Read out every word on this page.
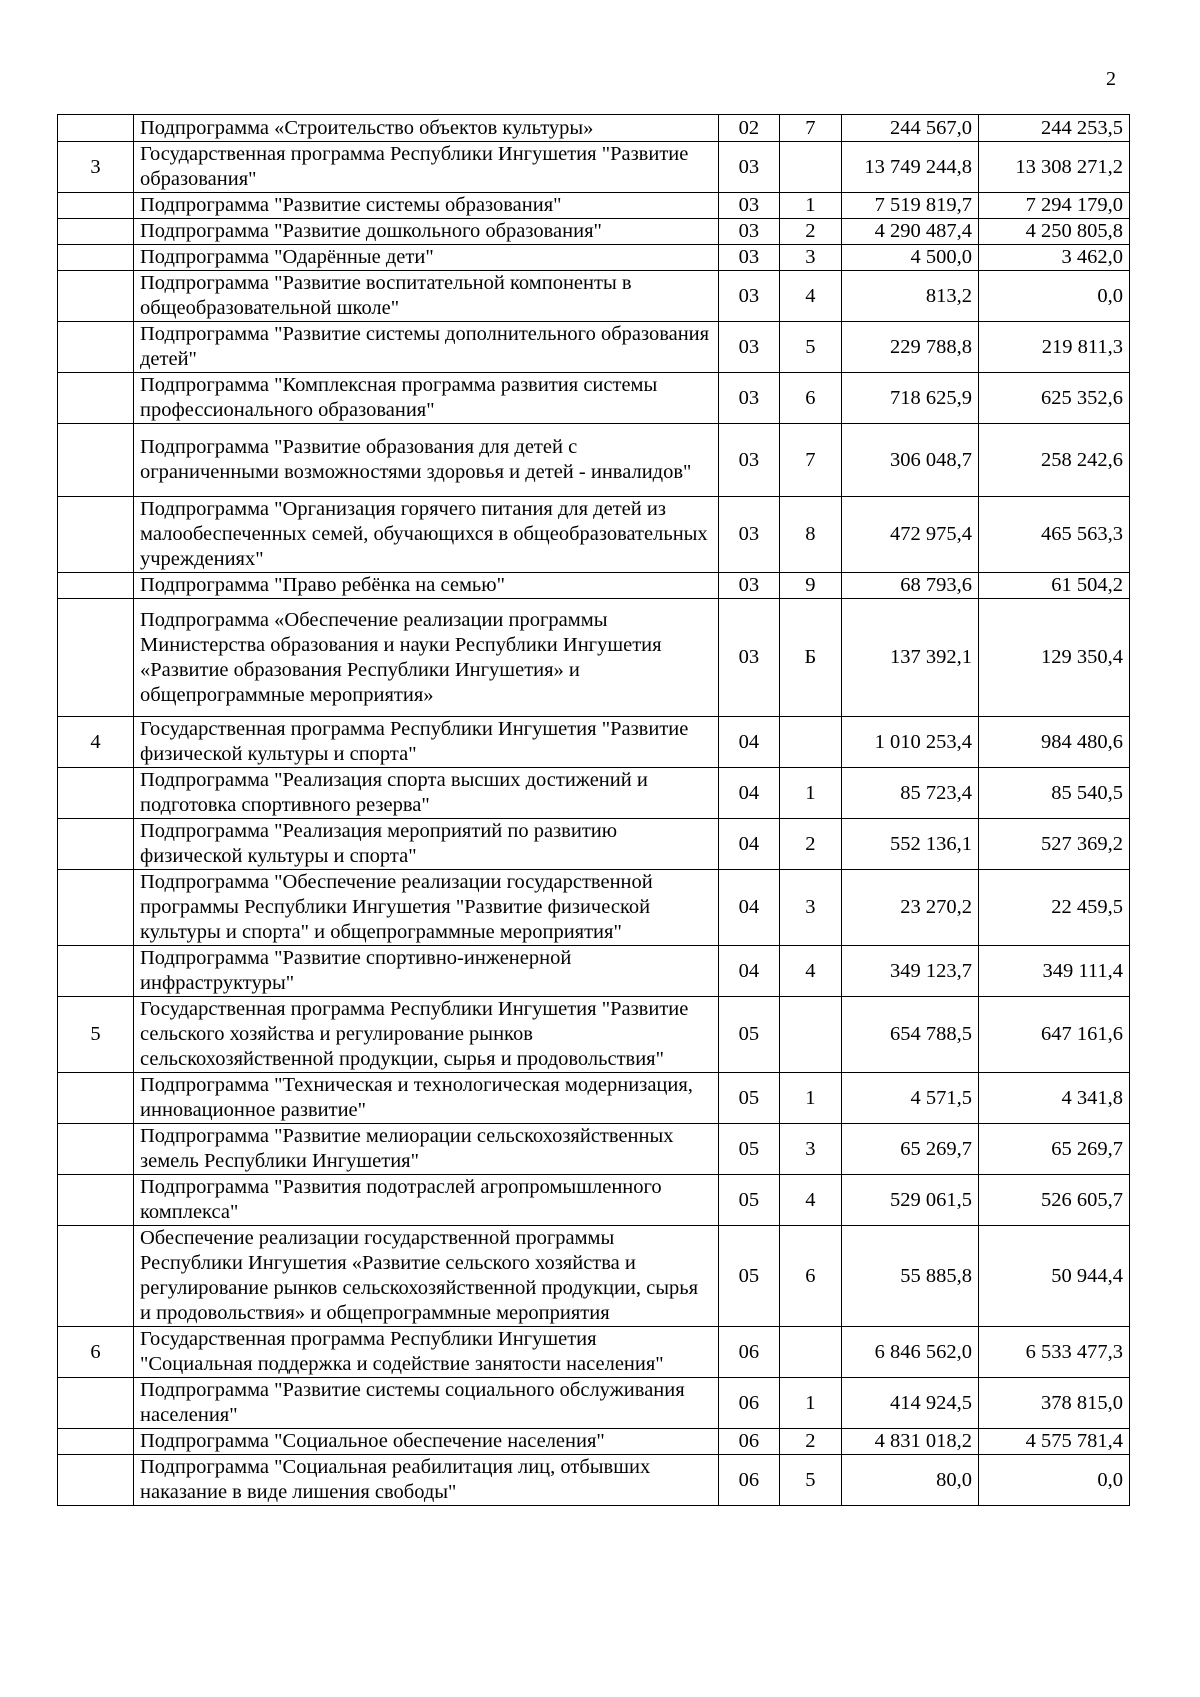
2
	Подпрограмма «Строительство объектов культуры»	02	7	244 567,0	244 253,5
3	Государственная программа Республики Ингушетия "Развитие образования"	03		13 749 244,8	13 308 271,2
	Подпрограмма "Развитие системы образования"	03	1	7 519 819,7	7 294 179,0
	Подпрограмма "Развитие дошкольного образования"	03	2	4 290 487,4	4 250 805,8
	Подпрограмма "Одарённые дети"	03	3	4 500,0	3 462,0
	Подпрограмма "Развитие воспитательной компоненты в общеобразовательной школе"	03	4	813,2	0,0
	Подпрограмма "Развитие системы дополнительного образования детей"	03	5	229 788,8	219 811,3
	Подпрограмма "Комплексная программа развития системы профессионального образования"	03	6	718 625,9	625 352,6
	Подпрограмма "Развитие образования для детей с ограниченными возможностями здоровья и детей - инвалидов"	03	7	306 048,7	258 242,6
	Подпрограмма "Организация горячего питания для детей из малообеспеченных семей, обучающихся в общеобразовательных учреждениях"	03	8	472 975,4	465 563,3
	Подпрограмма "Право ребёнка на семью"	03	9	68 793,6	61 504,2
	Подпрограмма «Обеспечение реализации программы Министерства образования и науки Республики Ингушетия «Развитие образования Республики Ингушетия» и общепрограммные мероприятия»	03	Б	137 392,1	129 350,4
4	Государственная программа Республики Ингушетия "Развитие физической культуры и спорта"	04		1 010 253,4	984 480,6
	Подпрограмма "Реализация спорта высших достижений и подготовка спортивного резерва"	04	1	85 723,4	85 540,5
	Подпрограмма "Реализация мероприятий по развитию физической культуры и спорта"	04	2	552 136,1	527 369,2
	Подпрограмма "Обеспечение реализации государственной программы Республики Ингушетия "Развитие физической культуры и спорта" и общепрограммные мероприятия"	04	3	23 270,2	22 459,5
	Подпрограмма "Развитие спортивно-инженерной инфраструктуры"	04	4	349 123,7	349 111,4
5	Государственная программа Республики Ингушетия "Развитие сельского хозяйства и регулирование рынков сельскохозяйственной продукции, сырья и продовольствия"	05		654 788,5	647 161,6
	Подпрограмма "Техническая и технологическая модернизация, инновационное развитие"	05	1	4 571,5	4 341,8
	Подпрограмма "Развитие мелиорации сельскохозяйственных земель Республики Ингушетия"	05	3	65 269,7	65 269,7
	Подпрограмма "Развития подотраслей агропромышленного комплекса"	05	4	529 061,5	526 605,7
	Обеспечение реализации государственной программы Республики Ингушетия «Развитие сельского хозяйства и регулирование рынков сельскохозяйственной продукции, сырья и продовольствия» и общепрограммные мероприятия	05	6	55 885,8	50 944,4
6	Государственная программа Республики Ингушетия "Социальная поддержка и содействие занятости населения"	06		6 846 562,0	6 533 477,3
	Подпрограмма "Развитие системы социального обслуживания населения"	06	1	414 924,5	378 815,0
	Подпрограмма "Социальное обеспечение населения"	06	2	4 831 018,2	4 575 781,4
	Подпрограмма "Социальная реабилитация лиц, отбывших наказание в виде лишения свободы"	06	5	80,0	0,0
